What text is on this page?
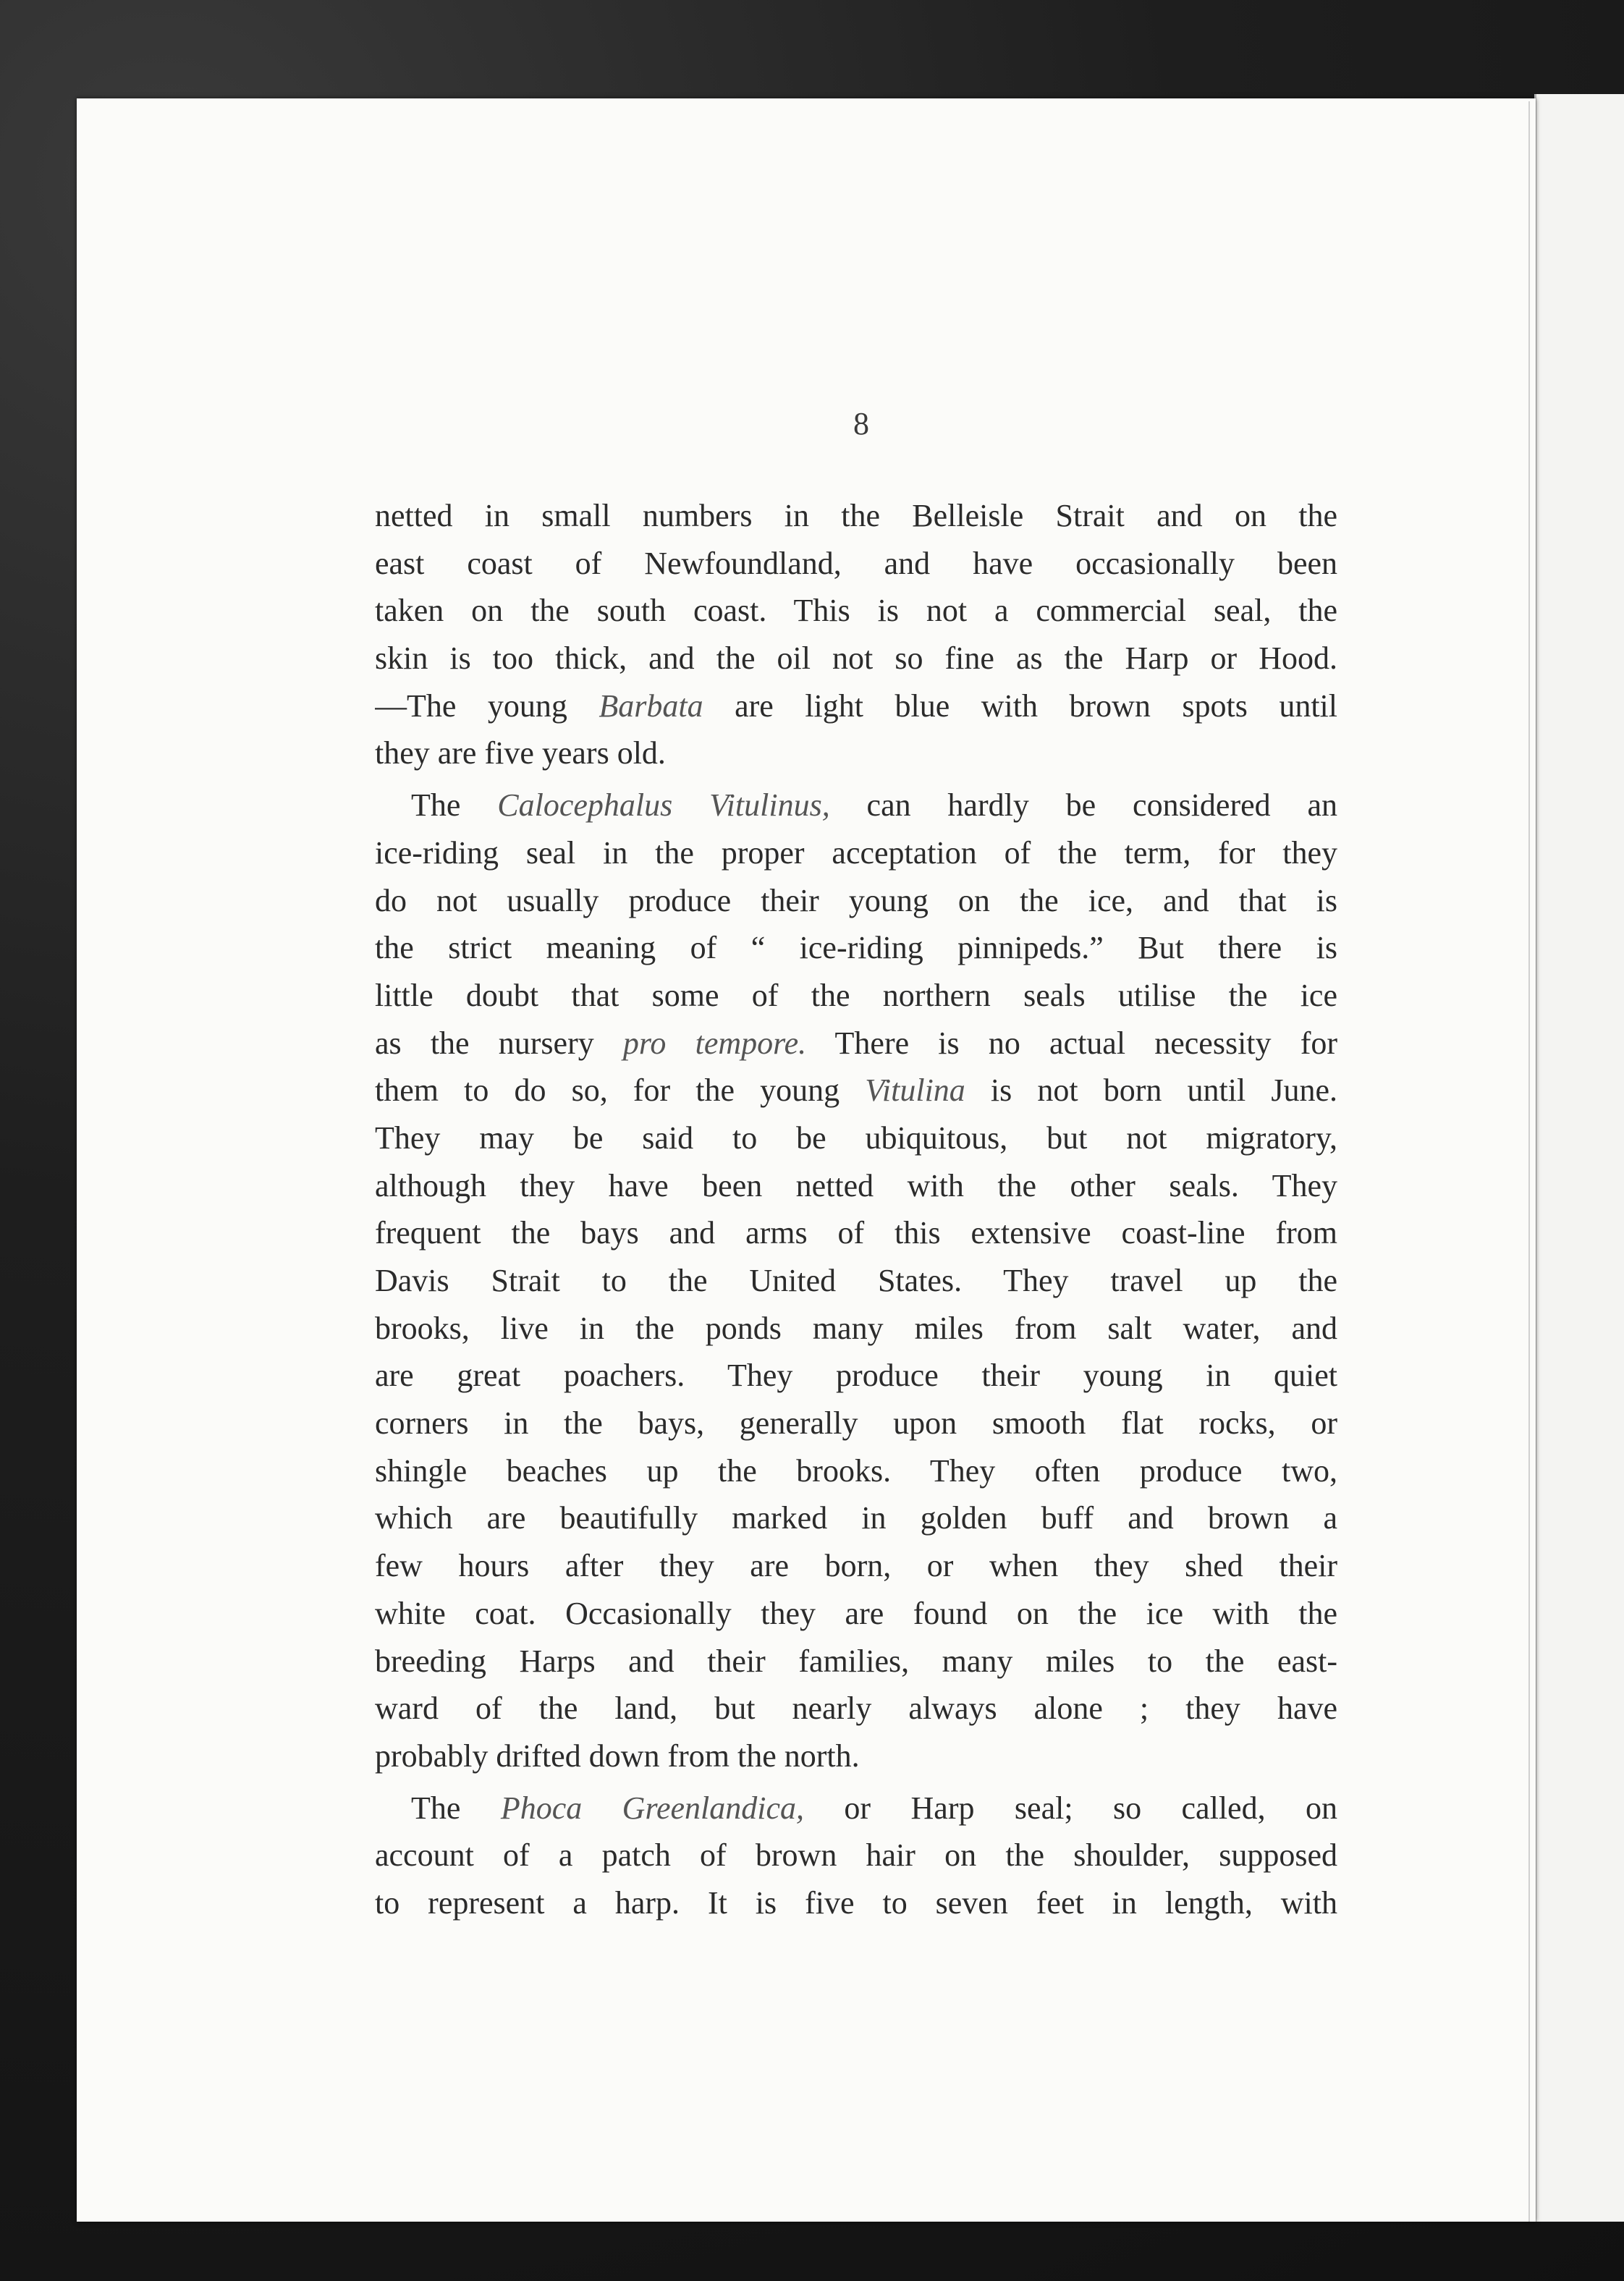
8
netted in small numbers in the Belleisle Strait and on the
east coast of Newfoundland, and have occasionally been
taken on the south coast. This is not a commercial seal, the
skin is too thick, and the oil not so fine as the Harp or Hood.
—The young Barbata are light blue with brown spots until
they are five years old.
The Calocephalus Vitulinus, can hardly be considered an
ice-riding seal in the proper acceptation of the term, for they
do not usually produce their young on the ice, and that is
the strict meaning of “ ice-riding pinnipeds.” But there is
little doubt that some of the northern seals utilise the ice
as the nursery pro tempore. There is no actual necessity for
them to do so, for the young Vitulina is not born until June.
They may be said to be ubiquitous, but not migratory,
although they have been netted with the other seals. They
frequent the bays and arms of this extensive coast-line from
Davis Strait to the United States. They travel up the
brooks, live in the ponds many miles from salt water, and
are great poachers. They produce their young in quiet
corners in the bays, generally upon smooth flat rocks, or
shingle beaches up the brooks. They often produce two,
which are beautifully marked in golden buff and brown a
few hours after they are born, or when they shed their
white coat. Occasionally they are found on the ice with the
breeding Harps and their families, many miles to the east-
ward of the land, but nearly always alone ; they have
probably drifted down from the north.
The Phoca Greenlandica, or Harp seal; so called, on
account of a patch of brown hair on the shoulder, supposed
to represent a harp. It is five to seven feet in length, with
